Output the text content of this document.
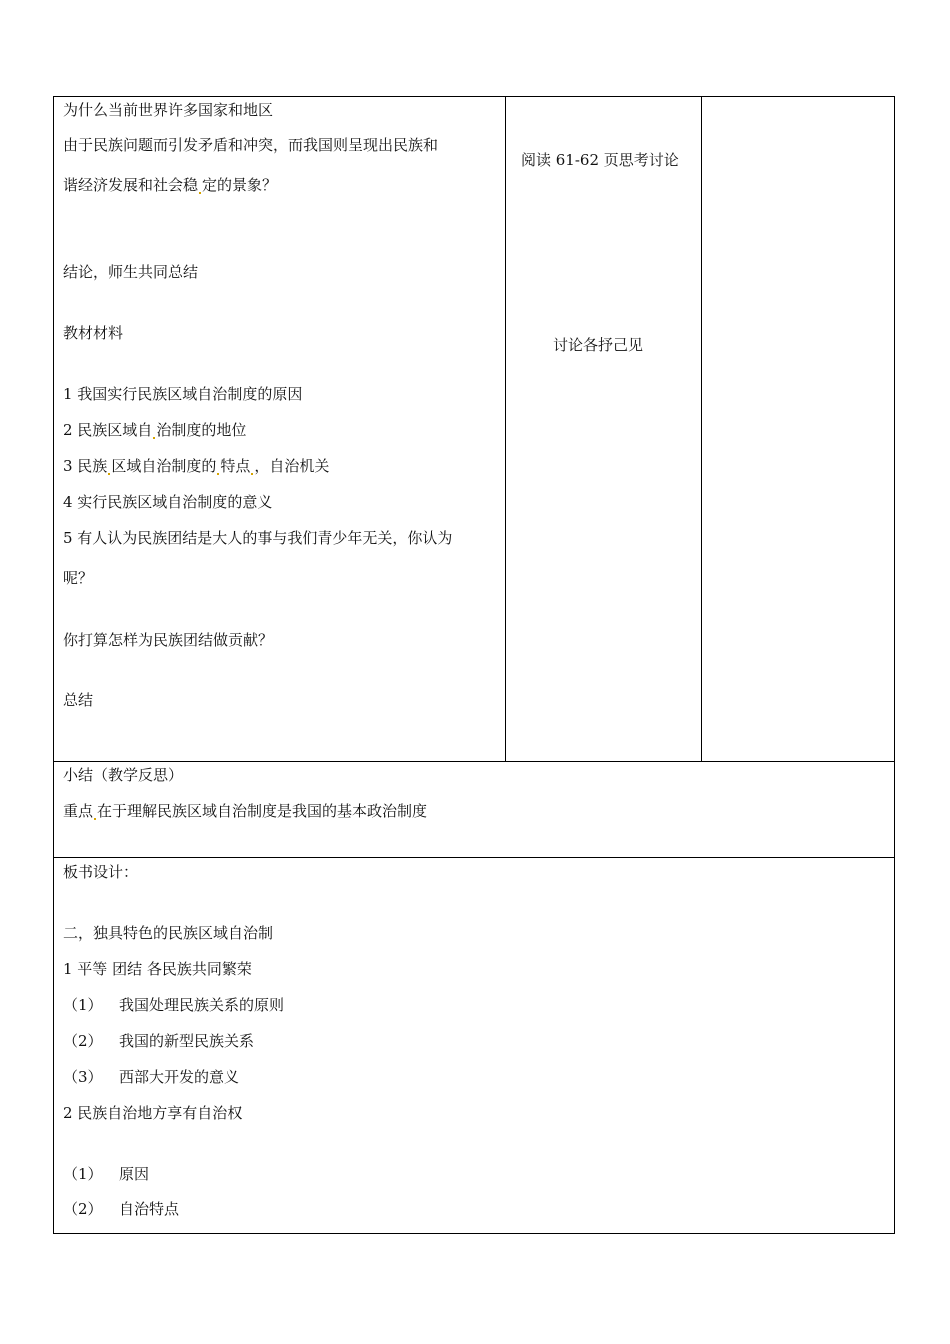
为什么当前世界许多国家和地区
由于民族问题而引发矛盾和冲突，而我国则呈现出民族和
谐经济发展和社会稳 定的景象？
结论，师生共同总结
教材材料
1 我国实行民族区域自治制度的原因
2 民族区域自 治制度的地位
3 民族 区域自治制度的 特点 ，自治机关
4 实行民族区域自治制度的意义
5 有人认为民族团结是大人的事与我们青少年无关，你认为
呢？
你打算怎样为民族团结做贡献？
总结
阅读 61-62 页思考讨论
讨论各抒己见
小结（教学反思）
重点 在于理解民族区域自治制度是我国的基本政治制度
板书设计：
二，独具特色的民族区域自治制
1 平等 团结 各民族共同繁荣
（1） 我国处理民族关系的原则
（2） 我国的新型民族关系
（3） 西部大开发的意义
2 民族自治地方享有自治权
（1） 原因
（2） 自治特点
